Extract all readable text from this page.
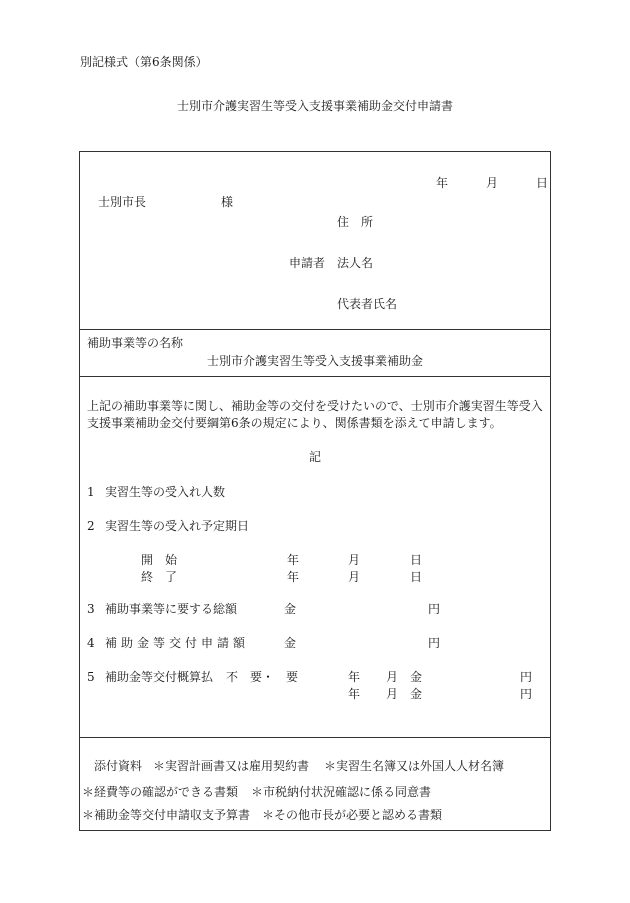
別記様式（第6条関係）
士別市介護実習生等受入支援事業補助金交付申請書
年	月	日
士別市長	様
住　所
申請者 法人名
代表者氏名
補助事業等の名称
士別市介護実習生等受入支援事業補助金
上記の補助事業等に関し、補助金等の交付を受けたいので、士別市介護実習生等受入支援事業補助金交付要綱第6条の規定により、関係書類を添えて申請します。
記
1 実習生等の受入れ人数
2 実習生等の受入れ予定期日
開　始	年	月	日
終　了	年	月	日
3 補助事業等に要する総額	金	円
4 補助金等交付申請額	金	円
5 補助金等交付概算払 不　要・　要	年 月 金	円
年 月 金	円
添付資料 ＊実習計画書又は雇用契約書 ＊実習生名簿又は外国人人材名簿
＊経費等の確認ができる書類 ＊市税納付状況確認に係る同意書
＊補助金等交付申請収支予算書 ＊その他市長が必要と認める書類
